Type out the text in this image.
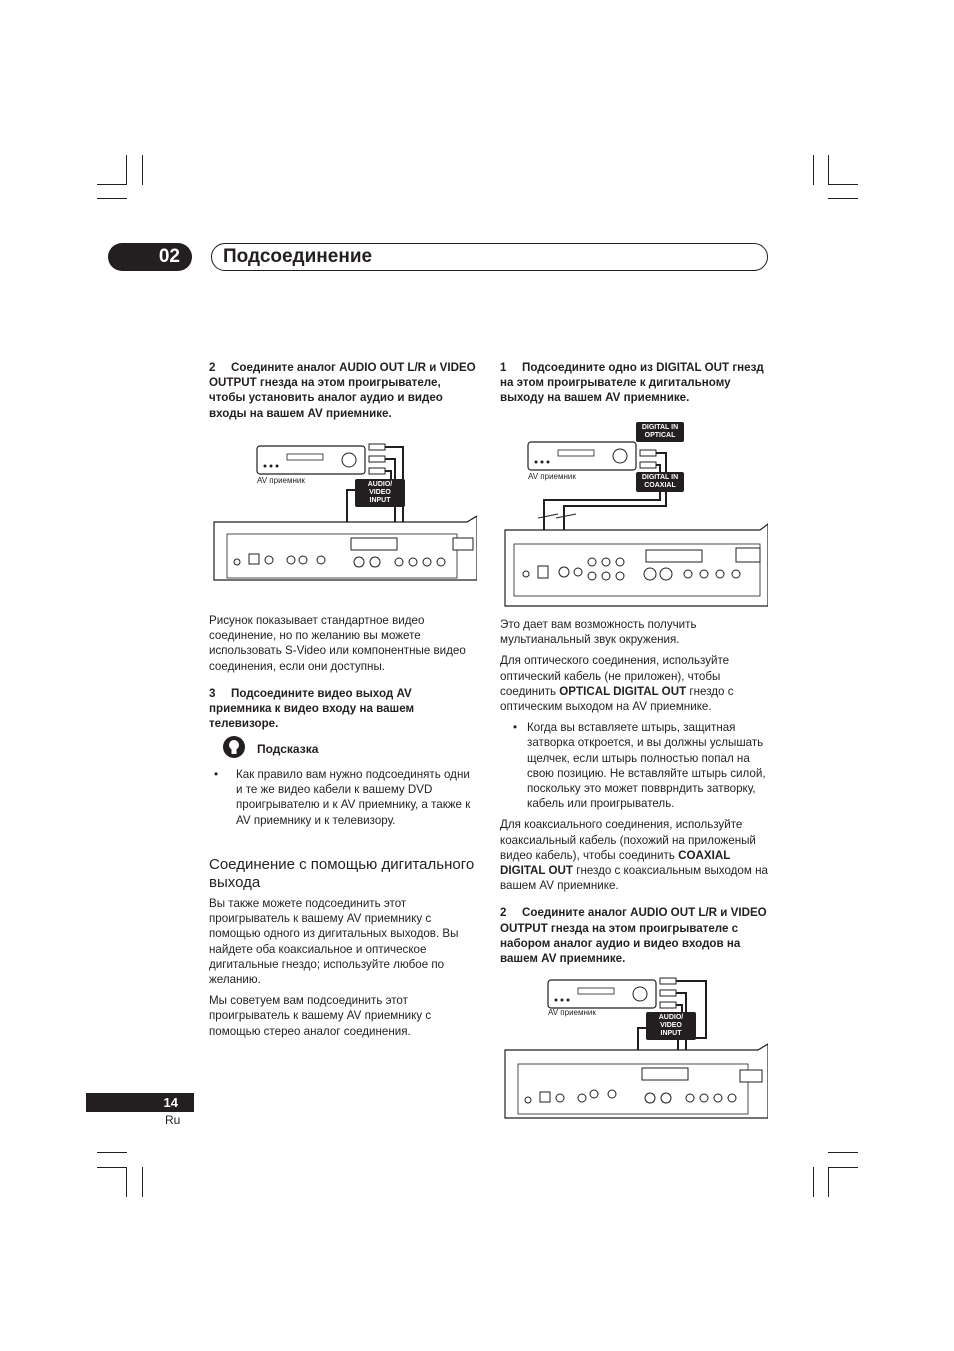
02	Подсоединение
2 Соедините аналог AUDIO OUT L/R и VIDEO OUTPUT гнезда на этом проигрывателе, чтобы установить аналог аудио и видео входы на вашем AV приемнике.
AV приемник	AUDIO/ VIDEO INPUT

Рисунок показывает стандартное видео соединение, но по желанию вы можете использовать S-Video или компонентные видео соединения, если они доступны.

3 Подсоедините видео выход AV приемника к видео входу на вашем телевизоре.
Подсказка
• Как правило вам нужно подсоединять одни и те же видео кабели к вашему DVD проигрывателю и к AV приемнику, а также к AV приемнику и к телевизору.
Соединение с помощью дигитального выхода

Вы также можете подсоединить этот проигрыватель к вашему AV приемнику с помощью одного из дигитальных выходов. Вы найдете оба коаксиальное и оптическое дигитальные гнездо; используйте любое по желанию.

Мы советуем вам подсоединить этот проигрыватель к вашему AV приемнику с помощью стерео аналог соединения.

1 Подсоедините одно из DIGITAL OUT гнезд на этом проигрывателе к дигитальному выходу на вашем AV приемнике.
AV приемник
DIGITAL IN OPTICAL
DIGITAL IN COAXIAL

Это дает вам возможность получить мультианальный звук окружения.

Для оптического соединения, используйте оптический кабель (не приложен), чтобы соединить OPTICAL DIGITAL OUT гнездо с оптическим выходом на AV приемнике.

• Когда вы вставляете штырь, защитная затворка откроется, и вы должны услышать щелчек, если штырь полностью попал на свою позицию. Не вставляйте штырь силой, поскольку это может повврндить затворку, кабель или проигрыватель.

Для коаксиального соединения, используйте коаксиальный кабель (похожий на приложеный видео кабель), чтобы соединить COAXIAL DIGITAL OUT гнездо с коаксиальным выходом на вашем AV приемнике.

2 Соедините аналог AUDIO OUT L/R и VIDEO OUTPUT гнезда на этом проигрывателе с набором аналог аудио и видео входов на вашем AV приемнике.
AV приемник
AUDIO/ VIDEO INPUT
14
Ru
